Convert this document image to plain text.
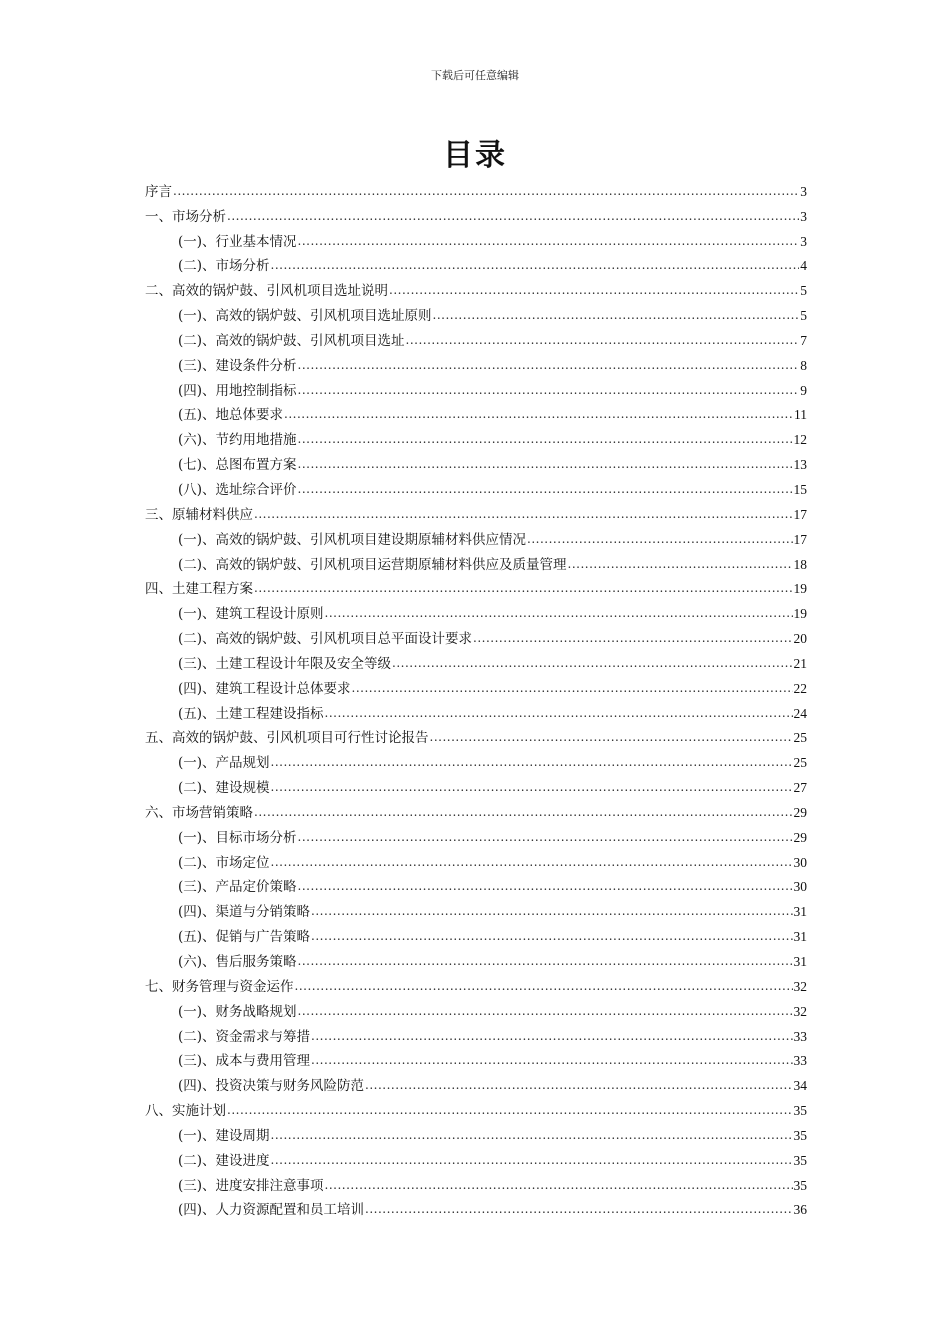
下载后可任意编辑
目录
序言 .....	3
一、市场分析 .....	3
(一)、行业基本情况 .....	3
(二)、市场分析 .....	4
二、高效的锅炉鼓、引风机项目选址说明 .....	5
(一)、高效的锅炉鼓、引风机项目选址原则 .....	5
(二)、高效的锅炉鼓、引风机项目选址 .....	7
(三)、建设条件分析 .....	8
(四)、用地控制指标 .....	9
(五)、地总体要求 .....	11
(六)、节约用地措施 .....	12
(七)、总图布置方案 .....	13
(八)、选址综合评价 .....	15
三、原辅材料供应 .....	17
(一)、高效的锅炉鼓、引风机项目建设期原辅材料供应情况 .....	17
(二)、高效的锅炉鼓、引风机项目运营期原辅材料供应及质量管理 .....	18
四、土建工程方案 .....	19
(一)、建筑工程设计原则 .....	19
(二)、高效的锅炉鼓、引风机项目总平面设计要求 .....	20
(三)、土建工程设计年限及安全等级 .....	21
(四)、建筑工程设计总体要求 .....	22
(五)、土建工程建设指标 .....	24
五、高效的锅炉鼓、引风机项目可行性讨论报告 .....	25
(一)、产品规划 .....	25
(二)、建设规模 .....	27
六、市场营销策略 .....	29
(一)、目标市场分析 .....	29
(二)、市场定位 .....	30
(三)、产品定价策略 .....	30
(四)、渠道与分销策略 .....	31
(五)、促销与广告策略 .....	31
(六)、售后服务策略 .....	31
七、财务管理与资金运作 .....	32
(一)、财务战略规划 .....	32
(二)、资金需求与筹措 .....	33
(三)、成本与费用管理 .....	33
(四)、投资决策与财务风险防范 .....	34
八、实施计划 .....	35
(一)、建设周期 .....	35
(二)、建设进度 .....	35
(三)、进度安排注意事项 .....	35
(四)、人力资源配置和员工培训 .....	36
